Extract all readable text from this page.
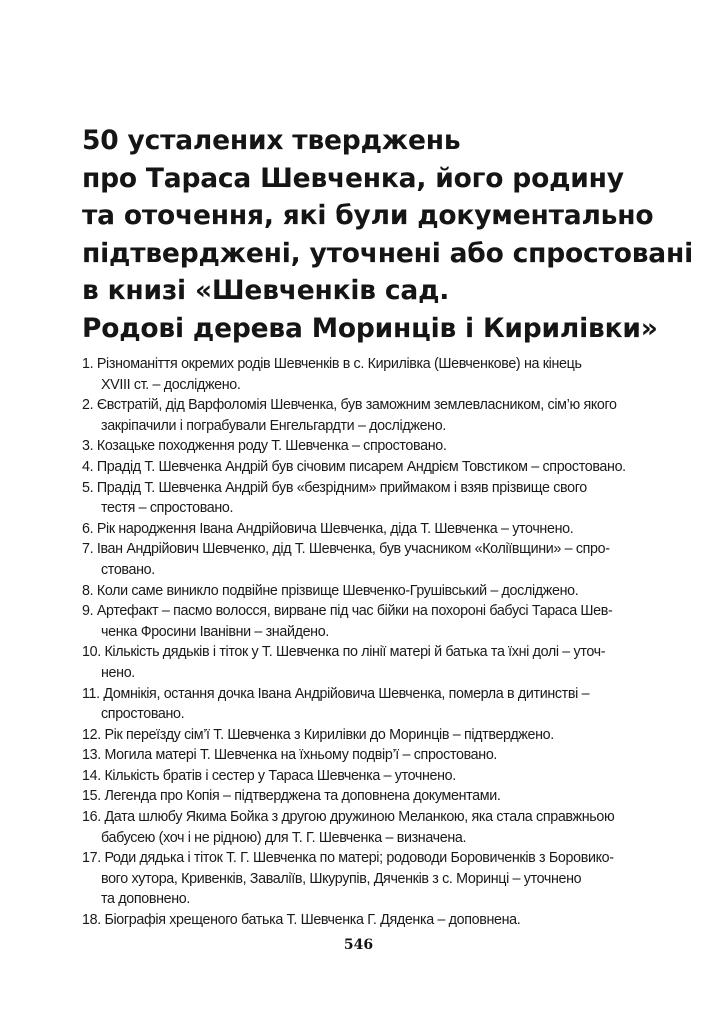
50 усталених тверджень
про Тараса Шевченка, його родину
та оточення, які були документально
підтверджені, уточнені або спростовані
в книзі «Шевченків сад.
Родові дерева Моринців і Кирилівки»
1. Різноманіття окремих родів Шевченків в с. Кирилівка (Шевченкове) на кінець
XVIII ст. – досліджено.
2. Євстратій, дід Варфоломія Шевченка, був заможним землевласником, сім’ю якого
закріпачили і пограбували Енгельгардти – досліджено.
3. Козацьке походження роду Т. Шевченка – спростовано.
4. Прадід Т. Шевченка Андрій був січовим писарем Андрієм Товстиком – спростовано.
5. Прадід Т. Шевченка Андрій був «безрідним» приймаком і взяв прізвище свого
тестя – спростовано.
6. Рік народження Івана Андрійовича Шевченка, діда Т. Шевченка – уточнено.
7. Іван Андрійович Шевченко, дід Т. Шевченка, був учасником «Коліївщини» – спро-
стовано.
8. Коли саме виникло подвійне прізвище Шевченко-Грушівський – досліджено.
9. Артефакт – пасмо волосся, вирване під час бійки на похороні бабусі Тараса Шев-
ченка Фросини Іванівни – знайдено.
10. Кількість дядьків і тіток у Т. Шевченка по лінії матері й батька та їхні долі – уточ-
нено.
11. Домнікія, остання дочка Івана Андрійовича Шевченка, померла в дитинстві –
спростовано.
12. Рік переїзду сім’ї Т. Шевченка з Кирилівки до Моринців – підтверджено.
13. Могила матері Т. Шевченка на їхньому подвір’ї – спростовано.
14. Кількість братів і сестер у Тараса Шевченка – уточнено.
15. Легенда про Копія – підтверджена та доповнена документами.
16. Дата шлюбу Якима Бойка з другою дружиною Меланкою, яка стала справжньою
бабусею (хоч і не рідною) для Т. Г. Шевченка – визначена.
17. Роди дядька і тіток Т. Г. Шевченка по матері; родоводи Боровиченків з Боровико-
вого хутора, Кривенків, Заваліїв, Шкурупів, Дяченків з с. Моринці – уточнено
та доповнено.
18. Біографія хрещеного батька Т. Шевченка Г. Дяденка – доповнена.
546
